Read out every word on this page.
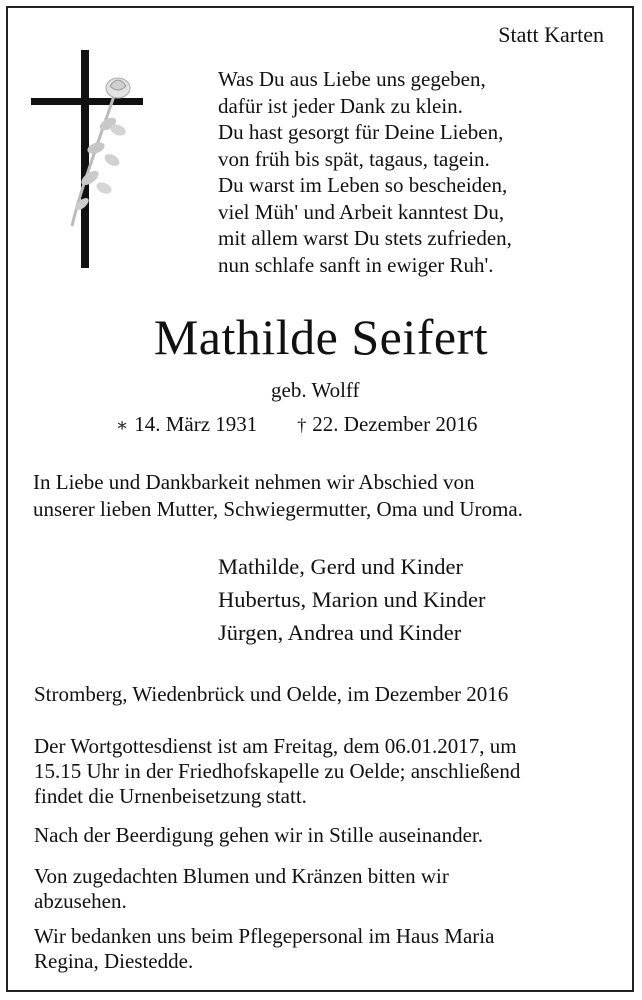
Statt Karten
Was Du aus Liebe uns gegeben,
dafür ist jeder Dank zu klein.
Du hast gesorgt für Deine Lieben,
von früh bis spät, tagaus, tagein.
Du warst im Leben so bescheiden,
viel Müh' und Arbeit kanntest Du,
mit allem warst Du stets zufrieden,
nun schlafe sanft in ewiger Ruh'.
Mathilde Seifert
geb. Wolff
∗ 14. März 1931 † 22. Dezember 2016
In Liebe und Dankbarkeit nehmen wir Abschied von
unserer lieben Mutter, Schwiegermutter, Oma und Uroma.
Mathilde, Gerd und Kinder
Hubertus, Marion und Kinder
Jürgen, Andrea und Kinder
Stromberg, Wiedenbrück und Oelde, im Dezember 2016
Der Wortgottesdienst ist am Freitag, dem 06.01.2017, um
15.15 Uhr in der Friedhofskapelle zu Oelde; anschließend
findet die Urnenbeisetzung statt.
Nach der Beerdigung gehen wir in Stille auseinander.
Von zugedachten Blumen und Kränzen bitten wir
abzusehen.
Wir bedanken uns beim Pflegepersonal im Haus Maria
Regina, Diestedde.
